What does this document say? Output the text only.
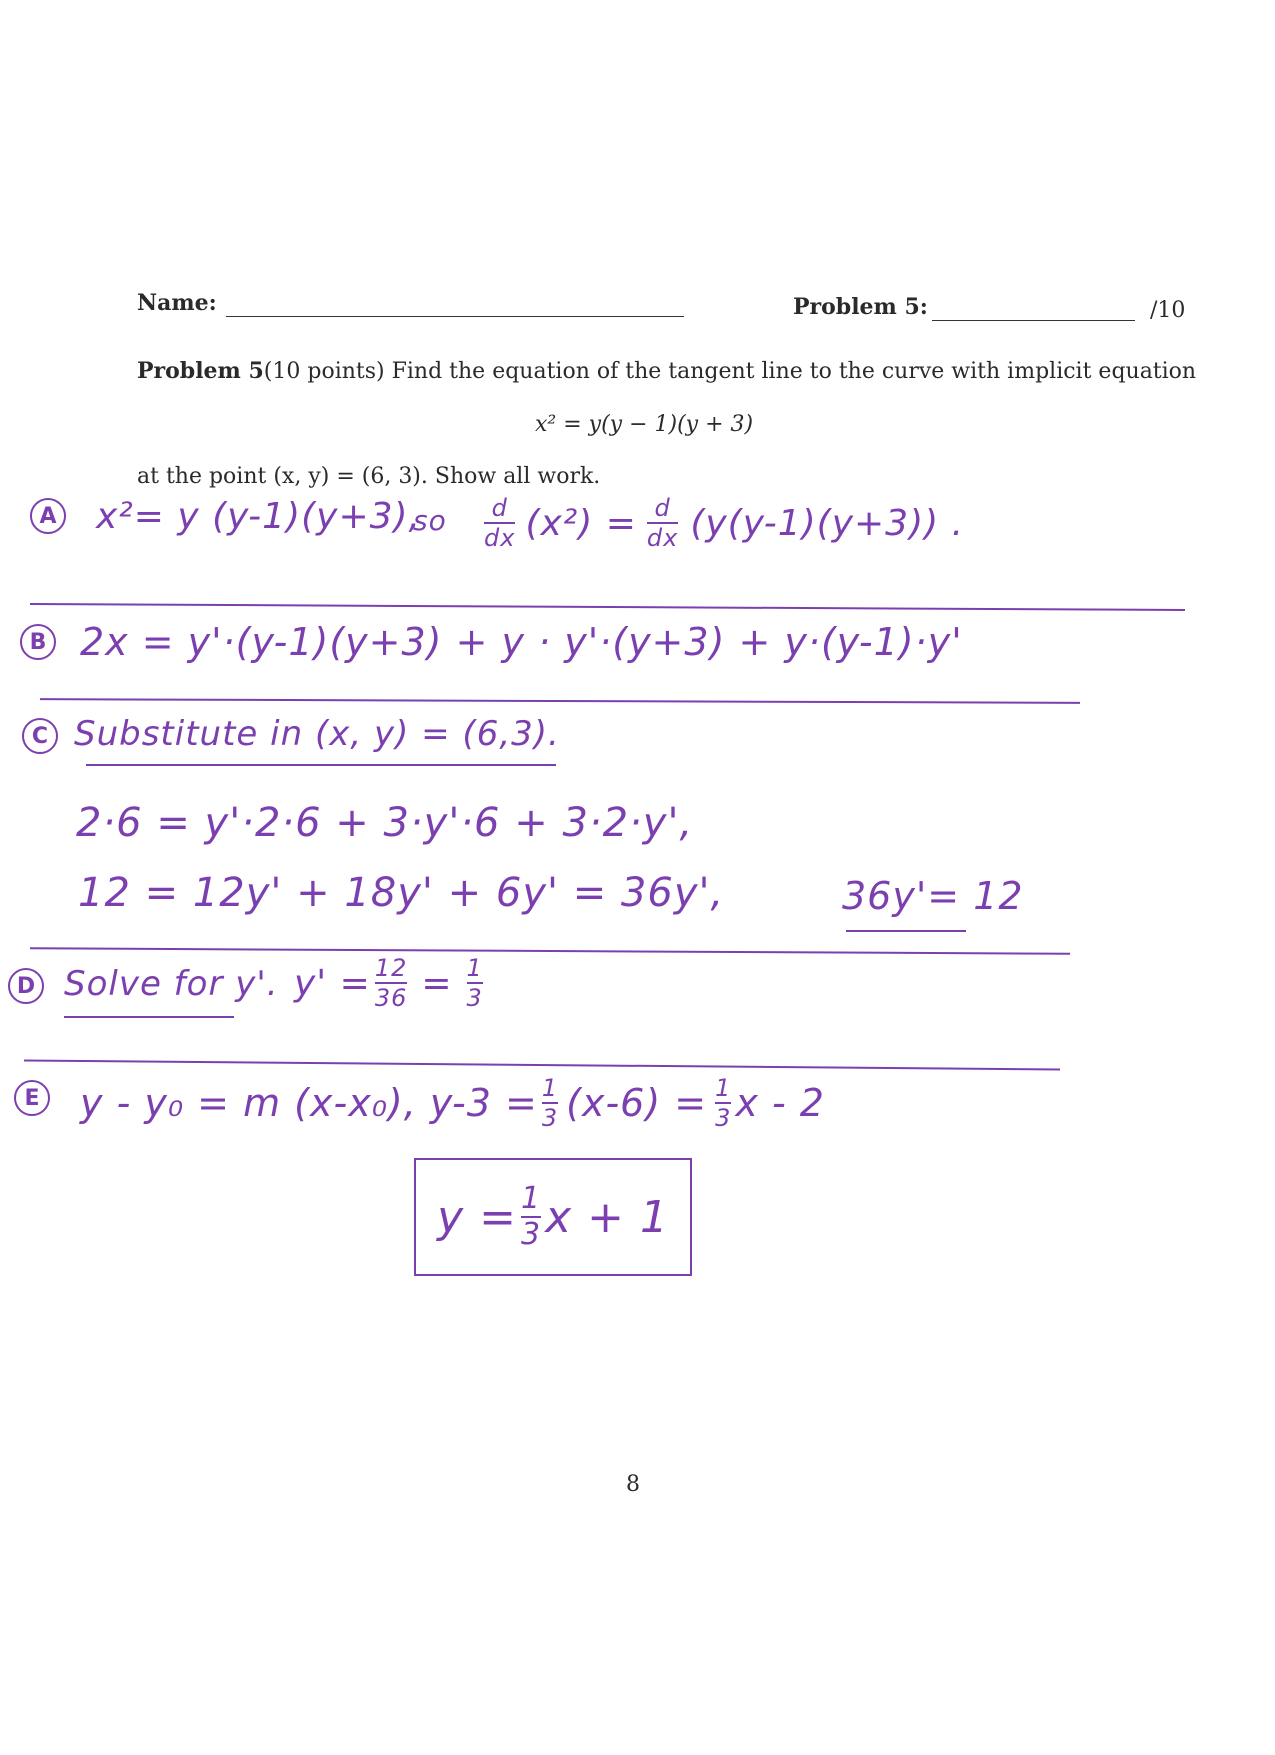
Name:	Problem 5:	/10
Problem 5(10 points) Find the equation of the tangent line to the curve with implicit equation
x² = y(y − 1)(y + 3)
at the point (x, y) = (6, 3). Show all work.
A x²= y (y-1)(y+3),
so $\frac{d}{dx} (x^2) = \frac{d}{dx} (y(y-1)(y+3))$ .
B 2x = y'·(y-1)(y+3) + y · y'·(y+3) + y·(y-1)·y'
C Substitute in (x, y) = (6,3).
2·6 = y'·2·6 + 3·y'·6 + 3·2·y',
12 = 12y' + 18y' + 6y' = 36y',	36y'= 12
D Solve for y'. $y' = \frac{12}{36} = \frac{1}{3}$
E y - y₀ = m (x-x₀), $y-3 = \frac{1}{3} (x-6) = \frac{1}{3}$ x - 2
$y = \frac{1}{3}$ x + 1
8
